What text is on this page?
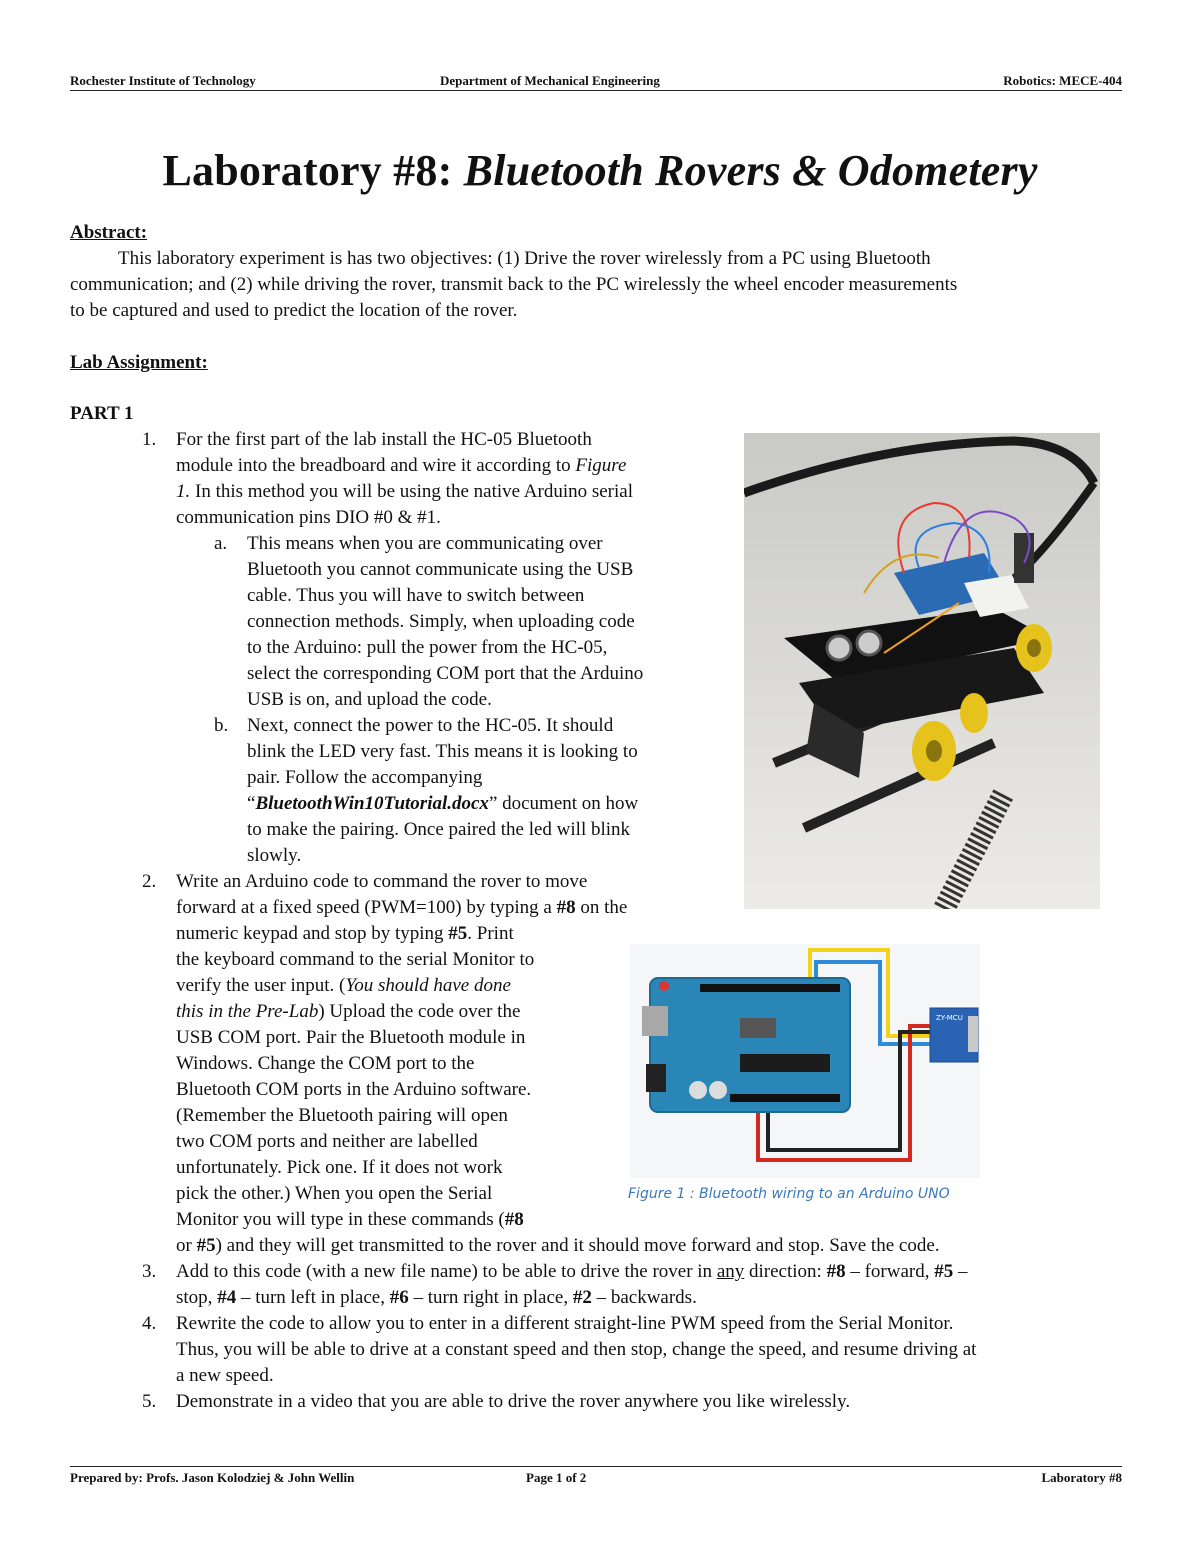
Rochester Institute of Technology	Department of Mechanical Engineering	Robotics: MECE-404
Laboratory #8: Bluetooth Rovers & Odometery
Abstract:
This laboratory experiment is has two objectives: (1) Drive the rover wirelessly from a PC using Bluetooth
communication; and (2) while driving the rover, transmit back to the PC wirelessly the wheel encoder measurements
to be captured and used to predict the location of the rover.
Lab Assignment:
PART 1
1. For the first part of the lab install the HC-05 Bluetooth
module into the breadboard and wire it according to Figure
1. In this method you will be using the native Arduino serial
communication pins DIO #0 & #1.
a. This means when you are communicating over
Bluetooth you cannot communicate using the USB
cable. Thus you will have to switch between
connection methods. Simply, when uploading code
to the Arduino: pull the power from the HC-05,
select the corresponding COM port that the Arduino
USB is on, and upload the code.
b. Next, connect the power to the HC-05. It should
blink the LED very fast. This means it is looking to
pair. Follow the accompanying
“BluetoothWin10Tutorial.docx” document on how
to make the pairing. Once paired the led will blink
slowly.
2. Write an Arduino code to command the rover to move
forward at a fixed speed (PWM=100) by typing a #8 on the
numeric keypad and stop by typing #5. Print
the keyboard command to the serial Monitor to
verify the user input. (You should have done
this in the Pre-Lab) Upload the code over the
USB COM port. Pair the Bluetooth module in
Windows. Change the COM port to the
Bluetooth COM ports in the Arduino software.
(Remember the Bluetooth pairing will open
two COM ports and neither are labelled
unfortunately. Pick one. If it does not work
pick the other.) When you open the Serial
Monitor you will type in these commands (#8
or #5) and they will get transmitted to the rover and it should move forward and stop. Save the code.
3. Add to this code (with a new file name) to be able to drive the rover in any direction: #8 – forward, #5 –
stop, #4 – turn left in place, #6 – turn right in place, #2 – backwards.
4. Rewrite the code to allow you to enter in a different straight-line PWM speed from the Serial Monitor.
Thus, you will be able to drive at a constant speed and then stop, change the speed, and resume driving at
a new speed.
5. Demonstrate in a video that you are able to drive the rover anywhere you like wirelessly.
ZY-MCU
Figure 1 : Bluetooth wiring to an Arduino UNO
Prepared by: Profs. Jason Kolodziej & John Wellin	Page 1 of 2	Laboratory #8
